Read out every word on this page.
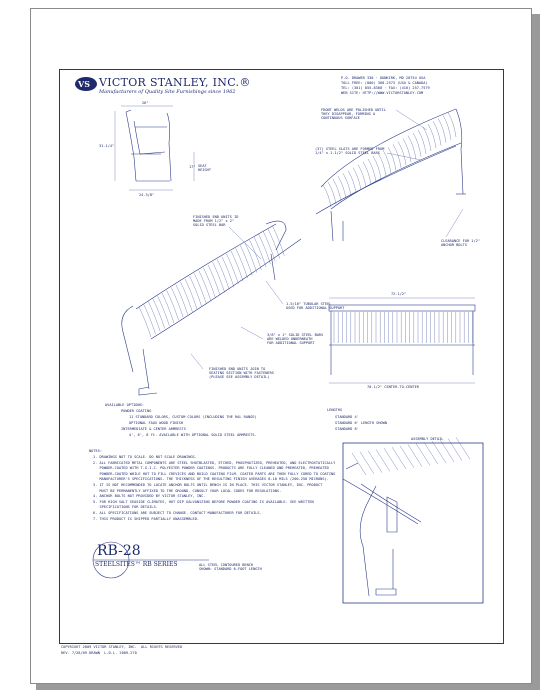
VS VICTOR STANLEY, INC.®
Manufacturers of Quality Site Furnishings since 1962
P.O. DRAWER 330 · DUNKIRK, MD 20754 USA
TOLL FREE: (800) 368-2573 (USA & CANADA)
TEL: (301) 855-8300 · FAX: (410) 257-7579
WEB SITE: HTTP://WWW.VICTORSTANLEY.COM
26"
31-1/4"
17" SEAT
HEIGHT
24-3/8"
72-1/2"
70-1/2" CENTER-TO-CENTER
FRONT WELDS ARE POLISHED UNTIL
THEY DISAPPEAR, FORMING A
CONTINUOUS SURFACE
(37) STEEL SLATS ARE FORMED FROM
1/4" x 1-1/2" SOLID STEEL BARS
CLEARANCE FOR 1/2"
ANCHOR BOLTS
FINISHED END UNITS ID
MADE FROM 1/2" x 2"
SOLID STEEL BAR
1-5/16" TUBULAR STEEL
USED FOR ADDITIONAL SUPPORT
3/8" x 1" SOLID STEEL BARS
ARE WELDED UNDERNEATH
FOR ADDITIONAL SUPPORT
FINISHED END UNITS JOIN TO
SEATING SECTION WITH FASTENERS
(PLEASE SEE ASSEMBLY DETAIL)
ASSEMBLY DETAIL
AVAILABLE OPTIONS:
POWDER COATING
11 STANDARD COLORS, CUSTOM COLORS (INCLUDING THE RAL RANGE)
OPTIONAL FAUX WOOD FINISH
INTERMEDIATE & CENTER ARMRESTS
4', 6', 8 ft. AVAILABLE WITH OPTIONAL SOLID STEEL ARMRESTS.
LENGTHS
STANDARD 4'
STANDARD 6' LENGTH SHOWN
STANDARD 8'
NOTES:
1. DRAWINGS NOT TO SCALE. DO NOT SCALE DRAWINGS.
2. ALL FABRICATED METAL COMPONENTS ARE STEEL SHOTBLASTED, ETCHED, PHOSPHATIZED, PREHEATED, AND ELECTROSTATICALLY
POWDER-COATED WITH T.G.I.C. POLYESTER POWDER COATINGS. PRODUCTS ARE FULLY CLEANED AND PREHEATED, PREHEATED
POWDER-COATED WHILE HOT TO FILL CREVICES AND BUILD COATING FILM. COATED PARTS ARE THEN FULLY CURED TO COATING
MANUFACTURER'S SPECIFICATIONS. THE THICKNESS OF THE RESULTING FINISH AVERAGES 8-10 MILS (200-250 MICRONS).
3. IT IS NOT RECOMMENDED TO LOCATE ANCHOR BOLTS UNTIL BENCH IS IN PLACE. THIS VICTOR STANLEY, INC. PRODUCT
MUST BE PERMANENTLY AFFIXED TO THE GROUND. CONSULT YOUR LOCAL CODES FOR REGULATIONS.
4. ANCHOR BOLTS NOT PROVIDED BY VICTOR STANLEY, INC.
5. FOR HIGH SALT SEASIDE CLIMATES, HOT DIP GALVANIZING BEFORE POWDER COATING IS AVAILABLE. SEE WRITTEN
SPECIFICATIONS FOR DETAILS.
6. ALL SPECIFICATIONS ARE SUBJECT TO CHANGE. CONTACT MANUFACTURER FOR DETAILS.
7. THIS PRODUCT IS SHIPPED PARTIALLY UNASSEMBLED.
RB-28
STEELSITES™ RB SERIES	ALL STEEL CONTOURED BENCH
SHOWN: STANDARD 6-FOOT LENGTH
COPYRIGHT 2009 VICTOR STANLEY, INC.  ALL RIGHTS RESERVED
REV. 7/28/09 DRAWN  L.D.L. 2009-270
